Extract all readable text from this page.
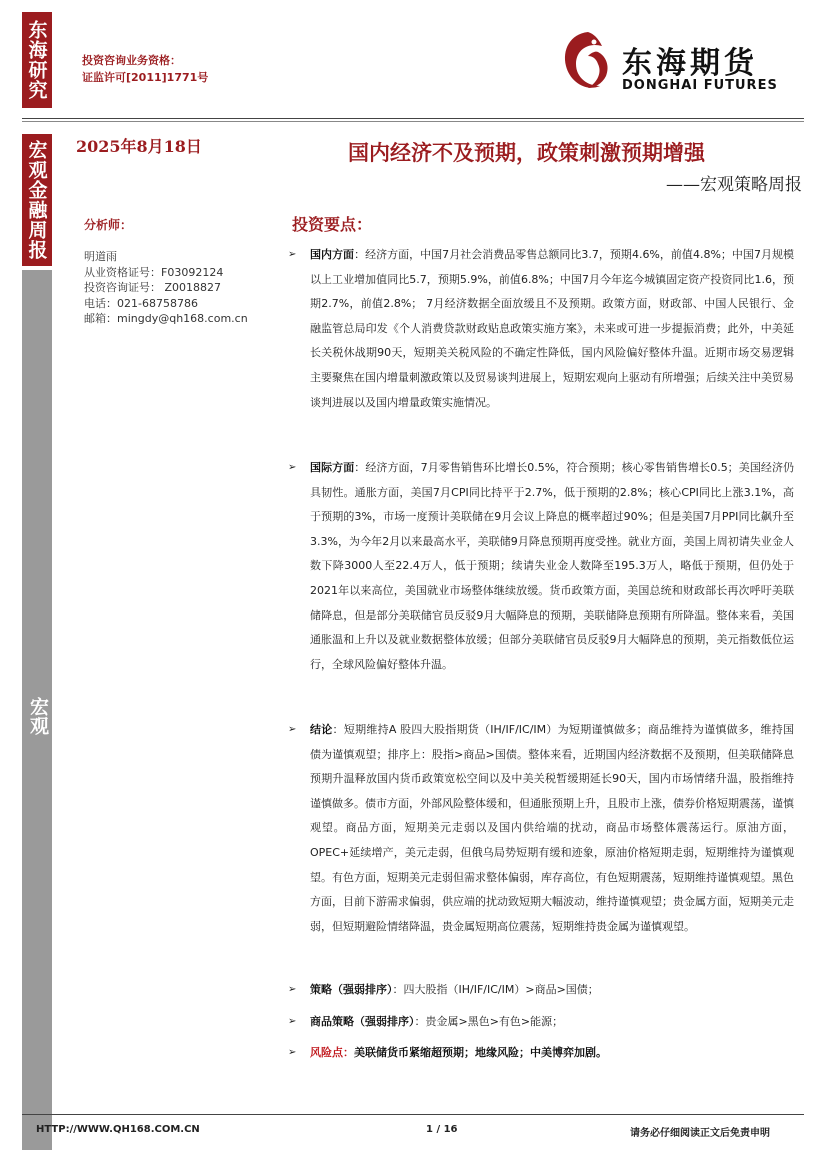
东海研究
宏观金融周报
宏观
投资咨询业务资格：
证监许可[2011]1771号	东海期货
DONGHAI FUTURES
2025年8月18日	国内经济不及预期，政策刺激预期增强
——宏观策略周报
分析师：
明道雨
从业资格证号：F03092124
投资咨询证号： Z0018827
电话：021-68758786
邮箱：mingdy@qh168.com.cn
投资要点：
➢	国内方面：经济方面，中国7月社会消费品零售总额同比3.7，预期4.6%，前值4.8%；中国7月规模以上工业增加值同比5.7，预期5.9%，前值6.8%；中国7月今年迄今城镇固定资产投资同比1.6，预期2.7%，前值2.8%； 7月经济数据全面放缓且不及预期。政策方面，财政部、中国人民银行、金融监管总局印发《个人消费贷款财政贴息政策实施方案》，未来或可进一步提振消费；此外，中美延长关税休战期90天，短期美关税风险的不确定性降低，国内风险偏好整体升温。近期市场交易逻辑主要聚焦在国内增量刺激政策以及贸易谈判进展上，短期宏观向上驱动有所增强；后续关注中美贸易谈判进展以及国内增量政策实施情况。
➢	国际方面：经济方面，7月零售销售环比增长0.5%，符合预期；核心零售销售增长0.5；美国经济仍具韧性。通胀方面，美国7月CPI同比持平于2.7%，低于预期的2.8%；核心CPI同比上涨3.1%，高于预期的3%，市场一度预计美联储在9月会议上降息的概率超过90%；但是美国7月PPI同比飙升至3.3%，为今年2月以来最高水平，美联储9月降息预期再度受挫。就业方面，美国上周初请失业金人数下降3000人至22.4万人，低于预期；续请失业金人数降至195.3万人，略低于预期，但仍处于2021年以来高位，美国就业市场整体继续放缓。货币政策方面，美国总统和财政部长再次呼吁美联储降息，但是部分美联储官员反驳9月大幅降息的预期，美联储降息预期有所降温。整体来看，美国通胀温和上升以及就业数据整体放缓；但部分美联储官员反驳9月大幅降息的预期，美元指数低位运行，全球风险偏好整体升温。
➢	结论：短期维持A 股四大股指期货（IH/IF/IC/IM）为短期谨慎做多；商品维持为谨慎做多，维持国债为谨慎观望；排序上：股指>商品>国债。整体来看，近期国内经济数据不及预期，但美联储降息预期升温释放国内货币政策宽松空间以及中美关税暂缓期延长90天，国内市场情绪升温，股指维持谨慎做多。债市方面，外部风险整体缓和，但通胀预期上升，且股市上涨，债券价格短期震荡，谨慎观望。商品方面，短期美元走弱以及国内供给端的扰动，商品市场整体震荡运行。原油方面，OPEC+延续增产，美元走弱，但俄乌局势短期有缓和迹象，原油价格短期走弱，短期维持为谨慎观望。有色方面，短期美元走弱但需求整体偏弱，库存高位，有色短期震荡，短期维持谨慎观望。黑色方面，目前下游需求偏弱，供应端的扰动致短期大幅波动，维持谨慎观望；贵金属方面，短期美元走弱，但短期避险情绪降温，贵金属短期高位震荡，短期维持贵金属为谨慎观望。
➢	策略（强弱排序）：四大股指（IH/IF/IC/IM）>商品>国债；
➢	商品策略（强弱排序）：贵金属>黑色>有色>能源；
➢	风险点：美联储货币紧缩超预期；地缘风险；中美博弈加剧。
HTTP://WWW.QH168.COM.CN	1 / 16	请务必仔细阅读正文后免责申明
